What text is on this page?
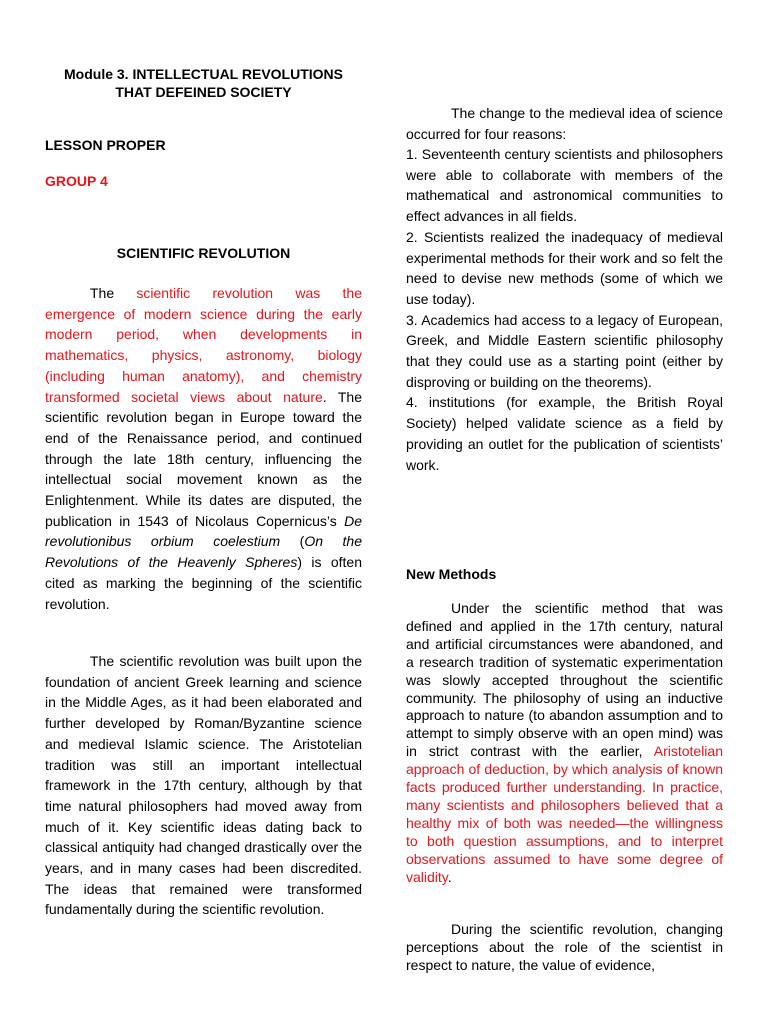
Module 3. INTELLECTUAL REVOLUTIONS
THAT DEFEINED SOCIETY
LESSON PROPER
GROUP 4
SCIENTIFIC REVOLUTION

The scientific revolution was the emergence of modern science during the early modern period, when developments in mathematics, physics, astronomy, biology (including human anatomy), and chemistry transformed societal views about nature. The scientific revolution began in Europe toward the end of the Renaissance period, and continued through the late 18th century, influencing the intellectual social movement known as the Enlightenment. While its dates are disputed, the publication in 1543 of Nicolaus Copernicus’s De revolutionibus orbium coelestium (On the Revolutions of the Heavenly Spheres) is often cited as marking the beginning of the scientific revolution.

The scientific revolution was built upon the foundation of ancient Greek learning and science in the Middle Ages, as it had been elaborated and further developed by Roman/Byzantine science and medieval Islamic science. The Aristotelian tradition was still an important intellectual framework in the 17th century, although by that time natural philosophers had moved away from much of it. Key scientific ideas dating back to classical antiquity had changed drastically over the years, and in many cases had been discredited. The ideas that remained were transformed fundamentally during the scientific revolution.

The change to the medieval idea of science occurred for four reasons:
1. Seventeenth century scientists and philosophers were able to collaborate with members of the mathematical and astronomical communities to effect advances in all fields.
2. Scientists realized the inadequacy of medieval experimental methods for their work and so felt the need to devise new methods (some of which we use today).
3. Academics had access to a legacy of European, Greek, and Middle Eastern scientific philosophy that they could use as a starting point (either by disproving or building on the theorems).
4. institutions (for example, the British Royal Society) helped validate science as a field by providing an outlet for the publication of scientists’ work.
New Methods

Under the scientific method that was defined and applied in the 17th century, natural and artificial circumstances were abandoned, and a research tradition of systematic experimentation was slowly accepted throughout the scientific community. The philosophy of using an inductive approach to nature (to abandon assumption and to attempt to simply observe with an open mind) was in strict contrast with the earlier, Aristotelian approach of deduction, by which analysis of known facts produced further understanding. In practice, many scientists and philosophers believed that a healthy mix of both was needed—the willingness to both question assumptions, and to interpret observations assumed to have some degree of validity.

During the scientific revolution, changing perceptions about the role of the scientist in respect to nature, the value of evidence,
